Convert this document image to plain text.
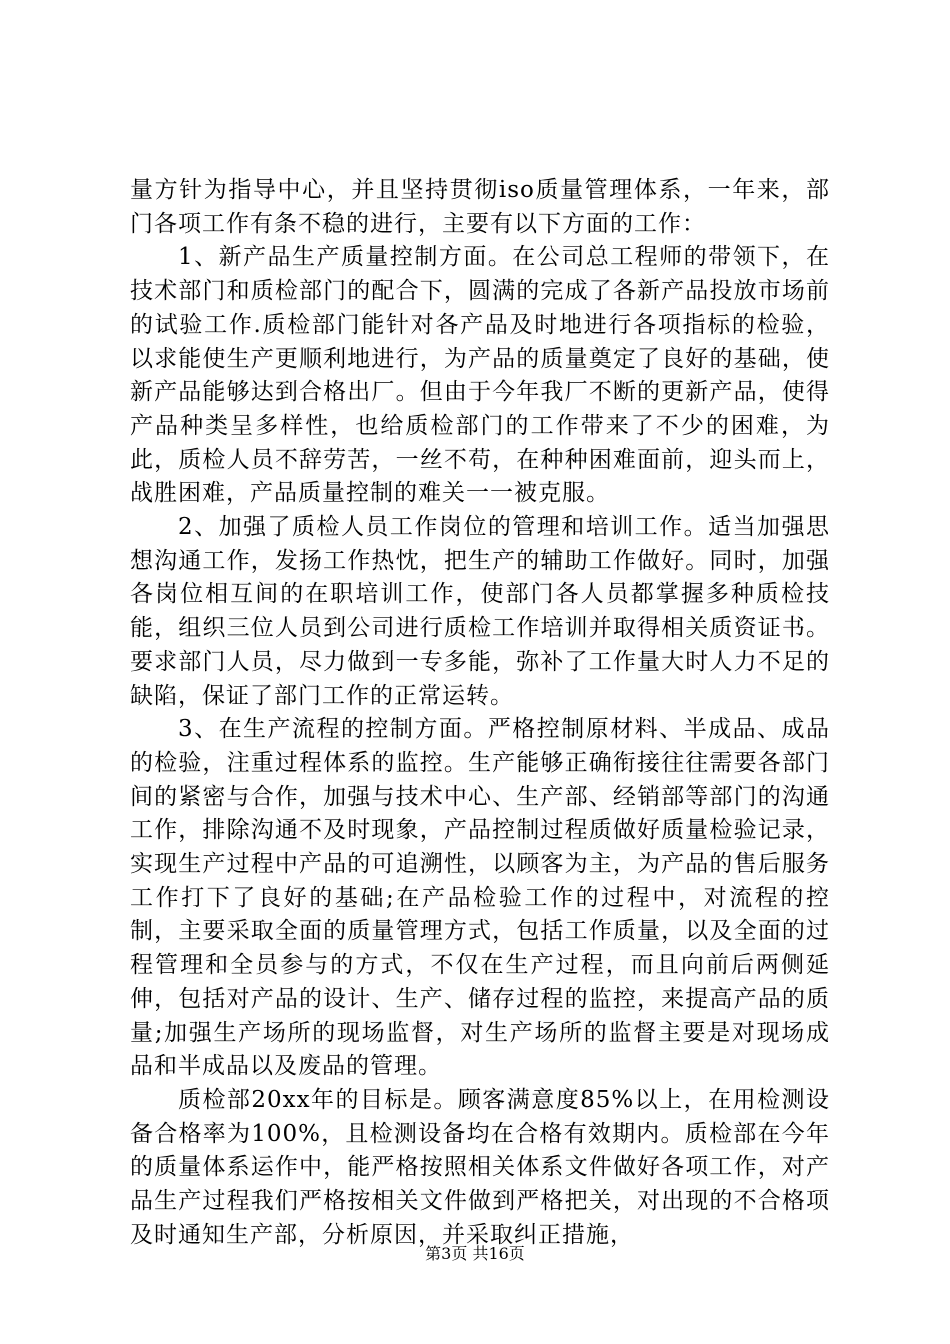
量方针为指导中心，并且坚持贯彻iso质量管理体系，一年来，部门各项工作有条不稳的进行，主要有以下方面的工作：

1、新产品生产质量控制方面。在公司总工程师的带领下，在技术部门和质检部门的配合下，圆满的完成了各新产品投放市场前的试验工作.质检部门能针对各产品及时地进行各项指标的检验，以求能使生产更顺利地进行，为产品的质量奠定了良好的基础，使新产品能够达到合格出厂。但由于今年我厂不断的更新产品，使得产品种类呈多样性，也给质检部门的工作带来了不少的困难，为此，质检人员不辞劳苦，一丝不苟，在种种困难面前，迎头而上，战胜困难，产品质量控制的难关一一被克服。

2、加强了质检人员工作岗位的管理和培训工作。适当加强思想沟通工作，发扬工作热忱，把生产的辅助工作做好。同时，加强各岗位相互间的在职培训工作，使部门各人员都掌握多种质检技能，组织三位人员到公司进行质检工作培训并取得相关质资证书。要求部门人员，尽力做到一专多能，弥补了工作量大时人力不足的缺陷，保证了部门工作的正常运转。

3、在生产流程的控制方面。严格控制原材料、半成品、成品的检验，注重过程体系的监控。生产能够正确衔接往往需要各部门间的紧密与合作，加强与技术中心、生产部、经销部等部门的沟通工作，排除沟通不及时现象，产品控制过程质做好质量检验记录，实现生产过程中产品的可追溯性，以顾客为主，为产品的售后服务工作打下了良好的基础;在产品检验工作的过程中，对流程的控制，主要采取全面的质量管理方式，包括工作质量，以及全面的过程管理和全员参与的方式，不仅在生产过程，而且向前后两侧延伸，包括对产品的设计、生产、储存过程的监控，来提高产品的质量;加强生产场所的现场监督，对生产场所的监督主要是对现场成品和半成品以及废品的管理。

质检部20xx年的目标是。顾客满意度85%以上，在用检测设备合格率为100%，且检测设备均在合格有效期内。质检部在今年的质量体系运作中，能严格按照相关体系文件做好各项工作，对产品生产过程我们严格按相关文件做到严格把关，对出现的不合格项及时通知生产部，分析原因，并采取纠正措施，

第3页 共16页
